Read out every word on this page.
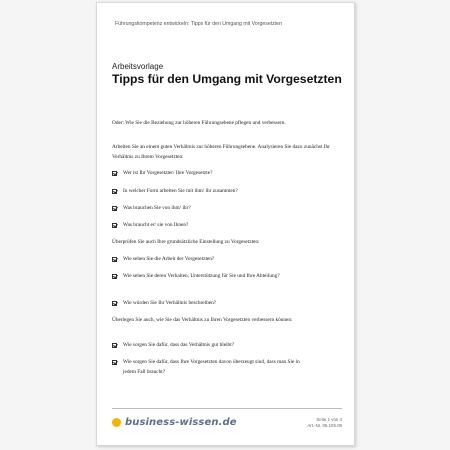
Führungskompetenz entwickeln: Tipps für den Umgang mit Vorgesetzten
Arbeitsvorlage
Tipps für den Umgang mit Vorgesetzten
Oder: Wie Sie die Beziehung zur höheren Führungsebene pflegen und verbessern.
Arbeiten Sie an einem guten Verhältnis zur höheren Führungsebene. Analysieren Sie dazu zunächst Ihr Verhältnis zu Ihrem Vorgesetzten:
Wer ist Ihr Vorgesetzter/ Ihre Vorgesetzte?
In welcher Form arbeiten Sie mit ihm/ ihr zusammen?
Was brauchen Sie von ihm/ ihr?
Was braucht er/ sie von Ihnen?
Überprüfen Sie auch Ihre grundsätzliche Einstellung zu Vorgesetzten:
Wie sehen Sie die Arbeit der Vorgesetzten?
Wie sehen Sie deren Verhalten, Unterstützung für Sie und Ihre Abteilung?
Wie würden Sie Ihr Verhältnis beschreiben?
Überlegen Sie auch, wie Sie das Verhältnis zu Ihren Vorgesetzten verbessern können:
Wie sorgen Sie dafür, dass das Verhältnis gut bleibt?
Wie sorgen Sie dafür, dass Ihre Vorgesetzten davon überzeugt sind, dass man Sie in jedem Fall braucht?
business-wissen.de	Seite 1 von 4
Art.-Nr. 06.105.08
